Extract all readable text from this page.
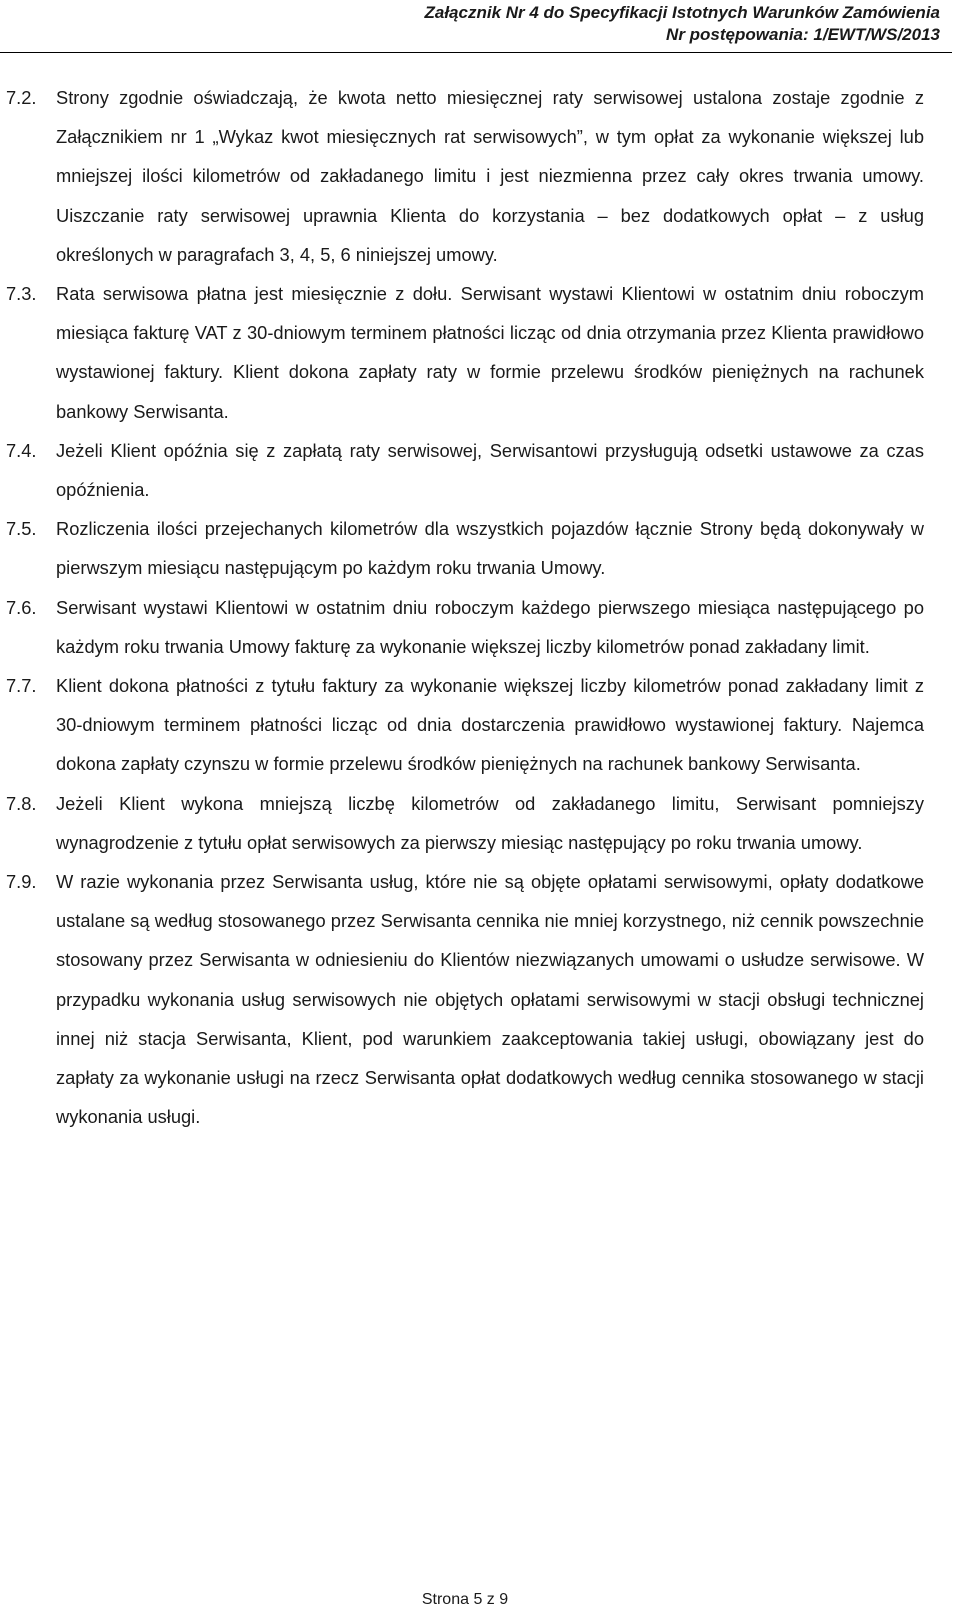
Załącznik Nr 4 do Specyfikacji Istotnych Warunków Zamówienia
Nr postępowania: 1/EWT/WS/2013
7.2.	Strony zgodnie oświadczają, że kwota netto miesięcznej raty serwisowej ustalona zostaje zgodnie z Załącznikiem nr 1 „Wykaz kwot miesięcznych rat serwisowych”, w tym opłat za wykonanie większej lub mniejszej ilości kilometrów od zakładanego limitu i jest niezmienna przez cały okres trwania umowy. Uiszczanie raty serwisowej uprawnia Klienta do korzystania – bez dodatkowych opłat – z usług określonych w paragrafach 3, 4, 5, 6 niniejszej umowy.
7.3.	Rata serwisowa płatna jest miesięcznie z dołu. Serwisant wystawi Klientowi w ostatnim dniu roboczym miesiąca fakturę VAT z 30-dniowym terminem płatności licząc od dnia otrzymania przez Klienta prawidłowo wystawionej faktury. Klient dokona zapłaty raty w formie przelewu środków pieniężnych na rachunek bankowy Serwisanta.
7.4.	Jeżeli Klient opóźnia się z zapłatą raty serwisowej, Serwisantowi przysługują odsetki ustawowe za czas opóźnienia.
7.5.	Rozliczenia ilości przejechanych kilometrów dla wszystkich pojazdów łącznie Strony będą dokonywały w pierwszym miesiącu następującym po każdym roku trwania Umowy.
7.6.	Serwisant wystawi Klientowi w ostatnim dniu roboczym każdego pierwszego miesiąca następującego po każdym roku trwania Umowy fakturę za wykonanie większej liczby kilometrów ponad zakładany limit.
7.7.	Klient dokona płatności z tytułu faktury za wykonanie większej liczby kilometrów ponad zakładany limit z 30-dniowym terminem płatności licząc od dnia dostarczenia prawidłowo wystawionej faktury. Najemca dokona zapłaty czynszu w formie przelewu środków pieniężnych na rachunek bankowy Serwisanta.
7.8.	Jeżeli Klient wykona mniejszą liczbę kilometrów od zakładanego limitu, Serwisant pomniejszy wynagrodzenie z tytułu opłat serwisowych za pierwszy miesiąc następujący po roku trwania umowy.
7.9.	W razie wykonania przez Serwisanta usług, które nie są objęte opłatami serwisowymi, opłaty dodatkowe ustalane są według stosowanego przez Serwisanta cennika nie mniej korzystnego, niż cennik powszechnie stosowany przez Serwisanta w odniesieniu do Klientów niezwiązanych umowami o usłudze serwisowe. W przypadku wykonania usług serwisowych nie objętych opłatami serwisowymi w stacji obsługi technicznej innej niż stacja Serwisanta, Klient, pod warunkiem zaakceptowania takiej usługi, obowiązany jest do zapłaty za wykonanie usługi na rzecz Serwisanta opłat dodatkowych według cennika stosowanego w stacji wykonania usługi.
Strona 5 z 9
